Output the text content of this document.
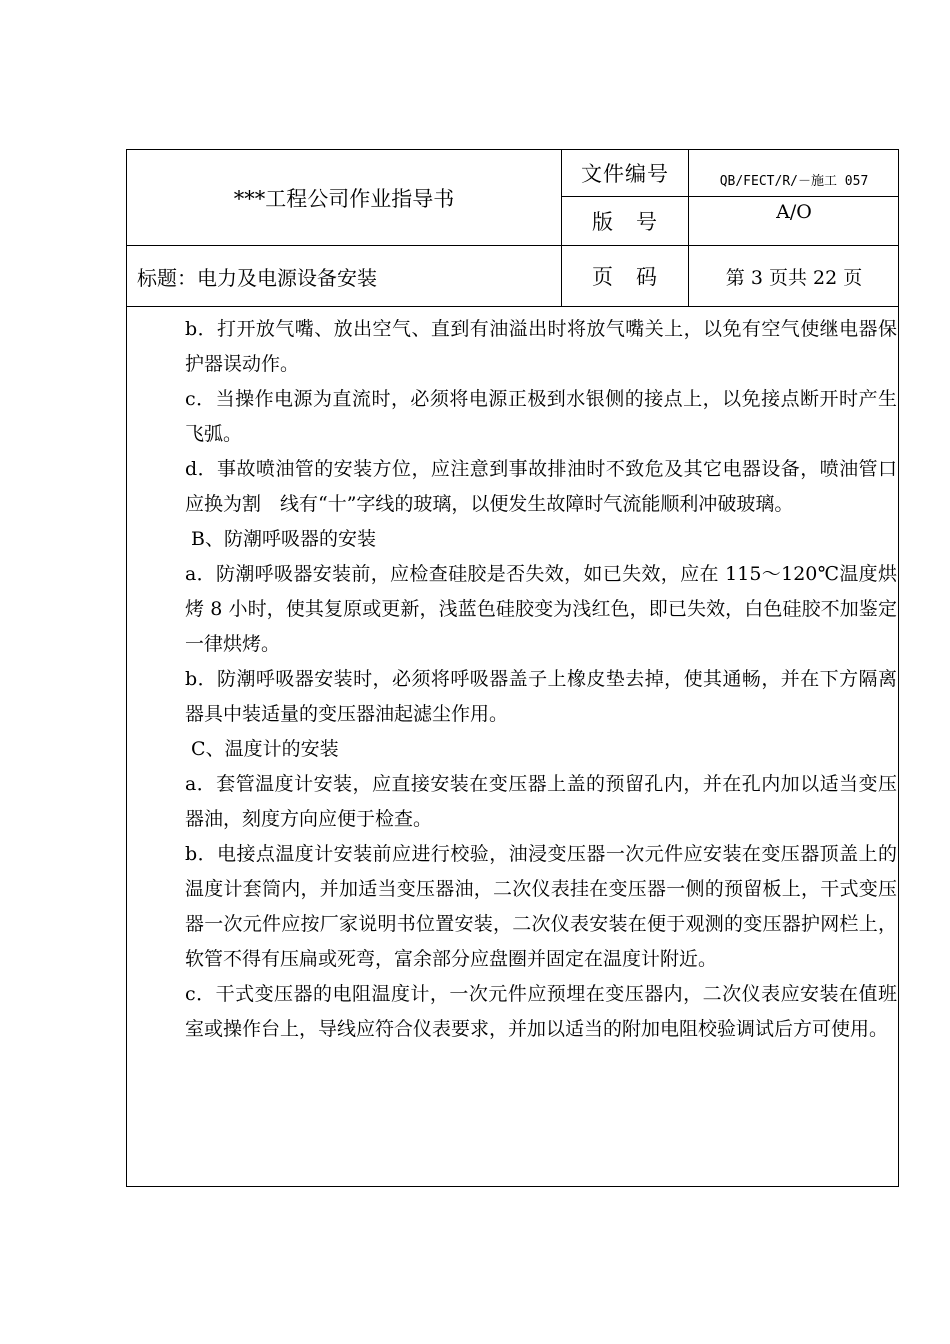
***工程公司作业指导书
文件编号	QB/FECT/R/－施工 057
版　号	A/O
标题：电力及电源设备安装	页　码	第 3 页共 22 页

b．打开放气嘴、放出空气、直到有油溢出时将放气嘴关上，以免有空气使继电器保护器误动作。

c．当操作电源为直流时，必须将电源正极到水银侧的接点上，以免接点断开时产生飞弧。

d．事故喷油管的安装方位，应注意到事故排油时不致危及其它电器设备，喷油管口应换为割　线有“十”字线的玻璃，以便发生故障时气流能顺利冲破玻璃。

B、防潮呼吸器的安装

a．防潮呼吸器安装前，应检查硅胶是否失效，如已失效，应在 115～120℃温度烘烤 8 小时，使其复原或更新，浅蓝色硅胶变为浅红色，即已失效，白色硅胶不加鉴定一律烘烤。

b．防潮呼吸器安装时，必须将呼吸器盖子上橡皮垫去掉，使其通畅，并在下方隔离器具中装适量的变压器油起滤尘作用。

C、温度计的安装

a．套管温度计安装，应直接安装在变压器上盖的预留孔内，并在孔内加以适当变压器油，刻度方向应便于检查。

b．电接点温度计安装前应进行校验，油浸变压器一次元件应安装在变压器顶盖上的温度计套筒内，并加适当变压器油，二次仪表挂在变压器一侧的预留板上，干式变压器一次元件应按厂家说明书位置安装，二次仪表安装在便于观测的变压器护网栏上，软管不得有压扁或死弯，富余部分应盘圈并固定在温度计附近。

c．干式变压器的电阻温度计，一次元件应预埋在变压器内，二次仪表应安装在值班室或操作台上，导线应符合仪表要求，并加以适当的附加电阻校验调试后方可使用。
